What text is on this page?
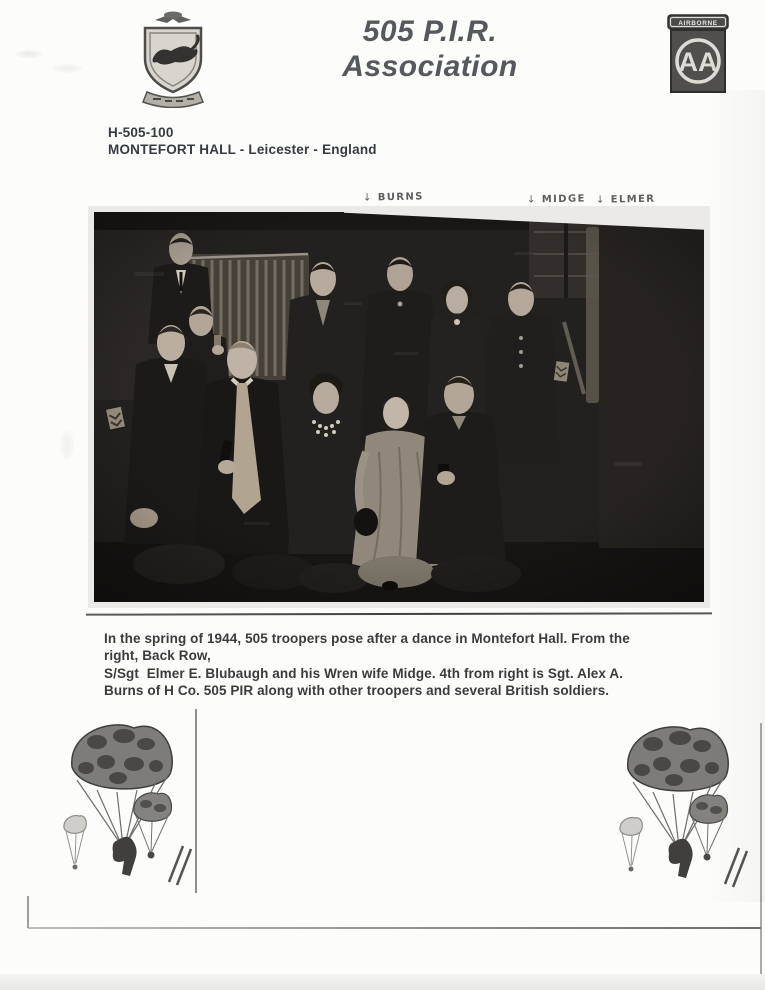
505 P.I.R.
Association
AIRBORNE
AA
H-505-100
MONTEFORT HALL - Leicester - England
↓ BURNS	↓ MIDGE ↓ ELMER
In the spring of 1944, 505 troopers pose after a dance in Montefort Hall. From the
right, Back Row,
S/Sgt  Elmer E. Blubaugh and his Wren wife Midge. 4th from right is Sgt. Alex A.
Burns of H Co. 505 PIR along with other troopers and several British soldiers.
